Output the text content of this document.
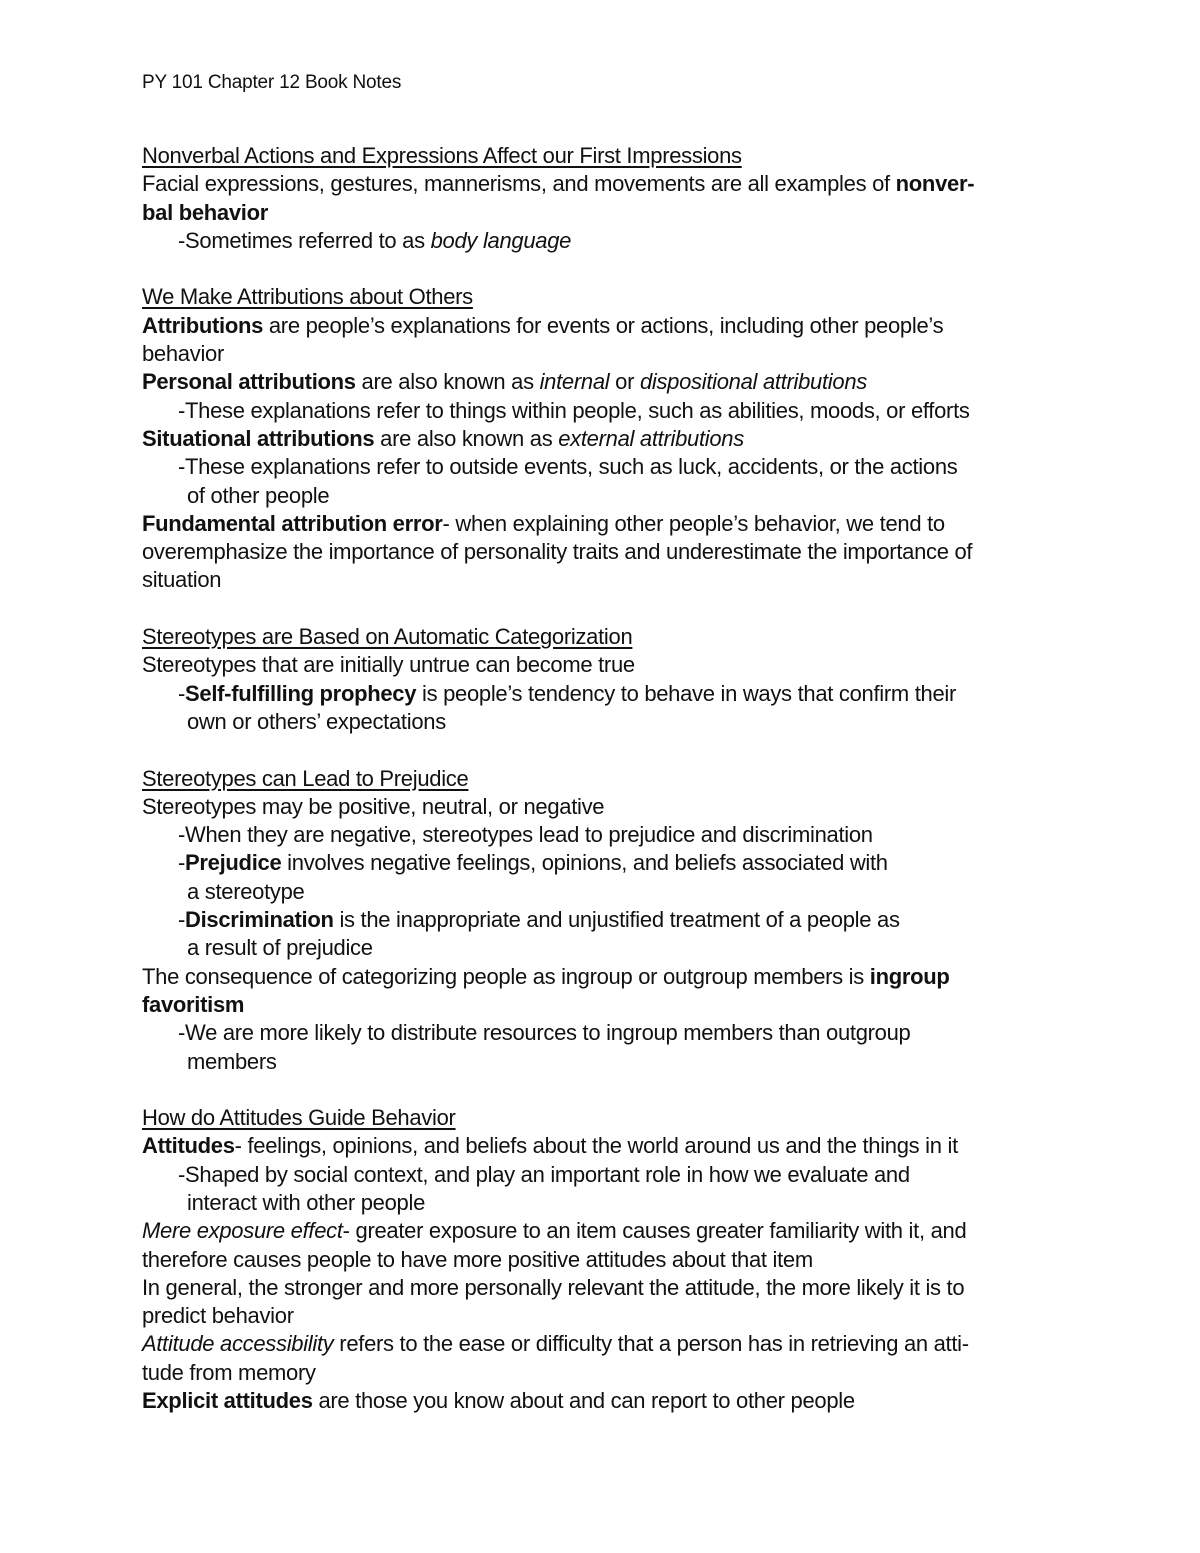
PY 101 Chapter 12 Book Notes
Nonverbal Actions and Expressions Affect our First Impressions
Facial expressions, gestures, mannerisms, and movements are all examples of nonver-
bal behavior
-Sometimes referred to as body language
We Make Attributions about Others
Attributions are people’s explanations for events or actions, including other people’s
behavior
Personal attributions are also known as internal or dispositional attributions
-These explanations refer to things within people, such as abilities, moods, or efforts
Situational attributions are also known as external attributions
-These explanations refer to outside events, such as luck, accidents, or the actions
of other people
Fundamental attribution error- when explaining other people’s behavior, we tend to
overemphasize the importance of personality traits and underestimate the importance of
situation
Stereotypes are Based on Automatic Categorization
Stereotypes that are initially untrue can become true
-Self-fulfilling prophecy is people’s tendency to behave in ways that confirm their
own or others’ expectations
Stereotypes can Lead to Prejudice
Stereotypes may be positive, neutral, or negative
-When they are negative, stereotypes lead to prejudice and discrimination
-Prejudice involves negative feelings, opinions, and beliefs associated with
a stereotype
-Discrimination is the inappropriate and unjustified treatment of a people as
a result of prejudice
The consequence of categorizing people as ingroup or outgroup members is ingroup
favoritism
-We are more likely to distribute resources to ingroup members than outgroup
members
How do Attitudes Guide Behavior
Attitudes- feelings, opinions, and beliefs about the world around us and the things in it
-Shaped by social context, and play an important role in how we evaluate and
interact with other people
Mere exposure effect- greater exposure to an item causes greater familiarity with it, and
therefore causes people to have more positive attitudes about that item
In general, the stronger and more personally relevant the attitude, the more likely it is to
predict behavior
Attitude accessibility refers to the ease or difficulty that a person has in retrieving an atti-
tude from memory
Explicit attitudes are those you know about and can report to other people
